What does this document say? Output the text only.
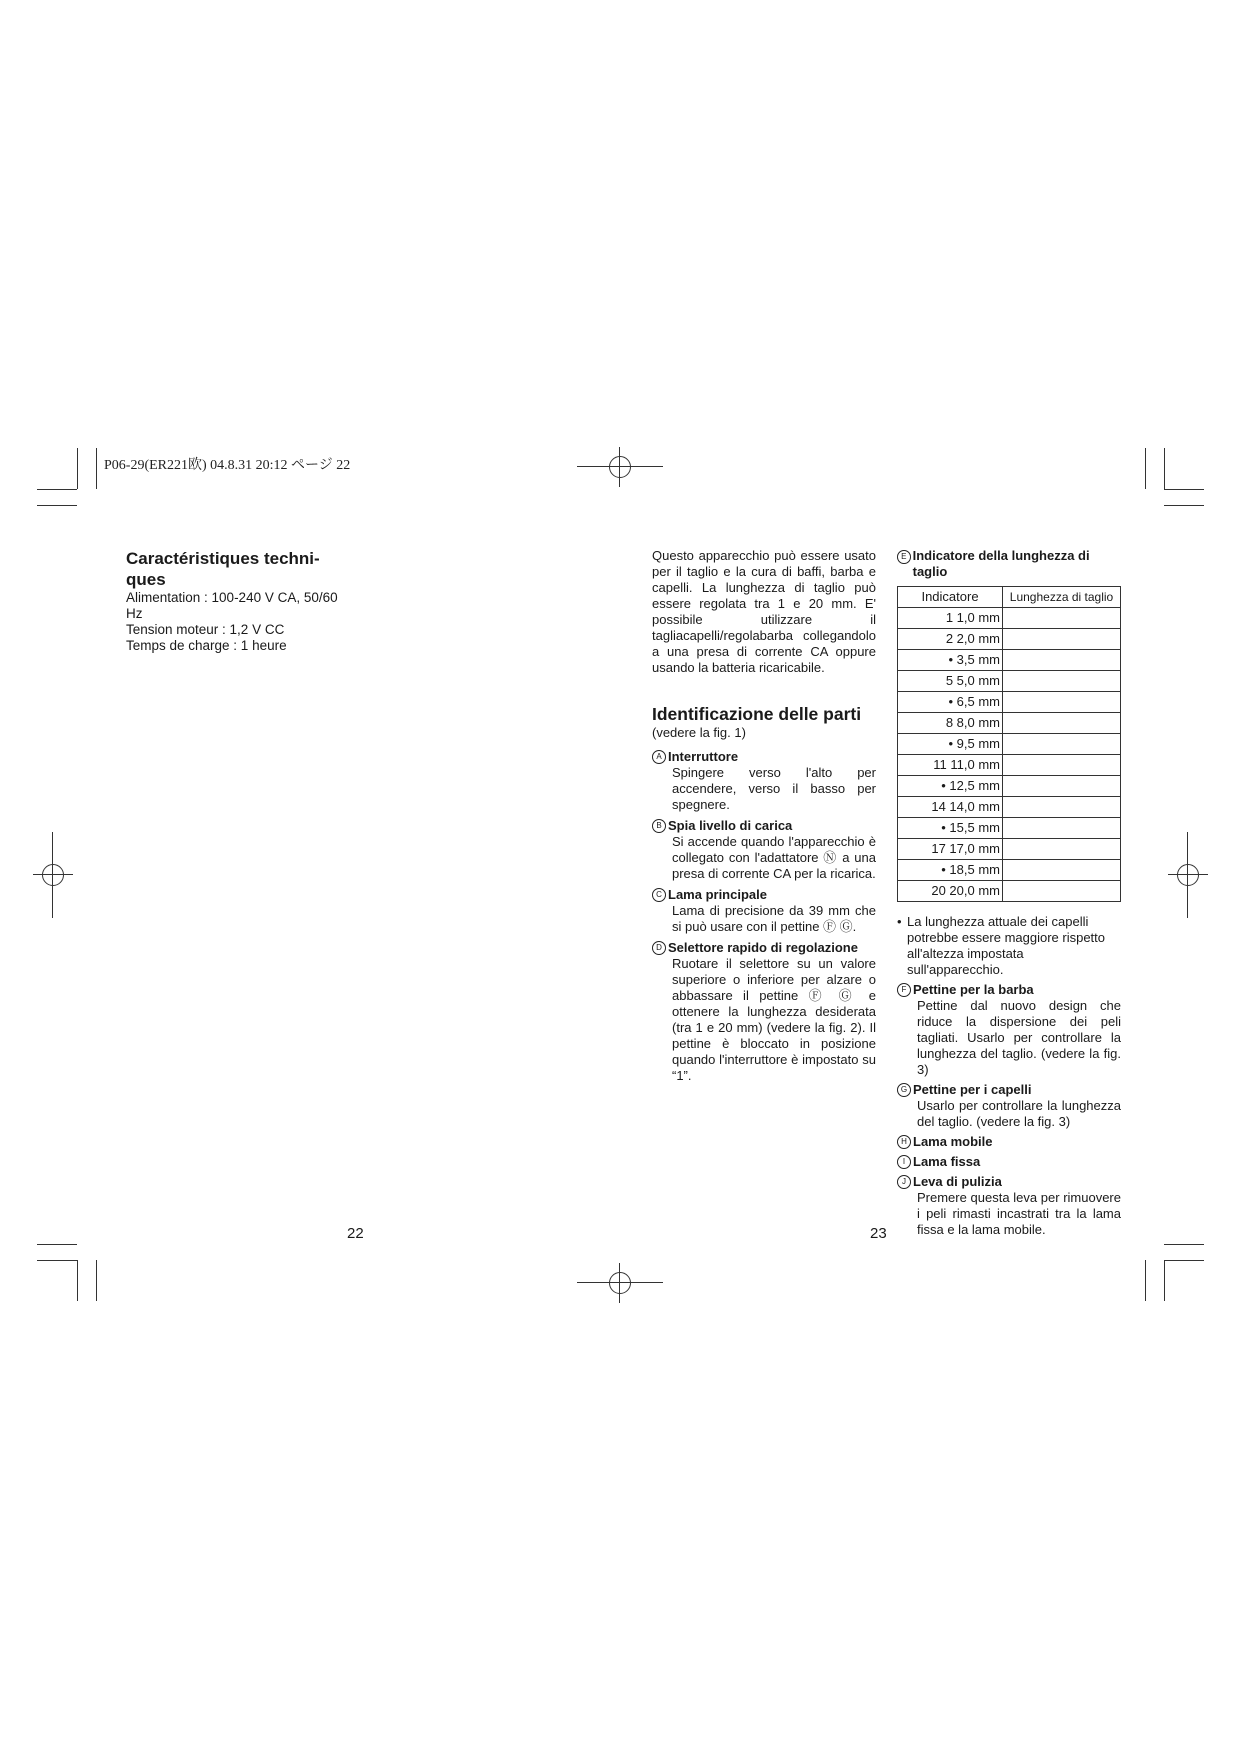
P06-29(ER221欧) 04.8.31 20:12 ページ 22
Caractéristiques techni-
ques
Alimentation : 100-240 V CA, 50/60
Hz
Tension moteur : 1,2 V CC
Temps de charge : 1 heure
22
Questo apparecchio può essere usato per il taglio e la cura di baffi, barba e capelli. La lunghezza di taglio può essere regolata tra 1 e 20 mm. E' possibile utilizzare il tagliacapelli/regolabarba collegandolo a una presa di corrente CA oppure usando la batteria ricaricabile.
Identificazione delle parti
(vedere la fig. 1)
A Interruttore
Spingere verso l'alto per accendere, verso il basso per spegnere.
B Spia livello di carica
Si accende quando l'apparecchio è collegato con l'adattatore Ⓝ a una presa di corrente CA per la ricarica.
C Lama principale
Lama di precisione da 39 mm che si può usare con il pettine Ⓕ Ⓖ.
D Selettore rapido di regolazione
Ruotare il selettore su un valore superiore o inferiore per alzare o abbassare il pettine Ⓕ Ⓖ e ottenere la lunghezza desiderata (tra 1 e 20 mm) (vedere la fig. 2). Il pettine è bloccato in posizione quando l'interruttore è impostato su “1”.
E Indicatore della lunghezza di taglio
Indicatore	Lunghezza di taglio
1 1,0 mm	
2 2,0 mm	
• 3,5 mm	
5 5,0 mm	
• 6,5 mm	
8 8,0 mm	
• 9,5 mm	
11 11,0 mm	
• 12,5 mm	
14 14,0 mm	
• 15,5 mm	
17 17,0 mm	
• 18,5 mm	
20 20,0 mm	
• La lunghezza attuale dei capelli potrebbe essere maggiore rispetto all'altezza impostata sull'apparecchio.
F Pettine per la barba
Pettine dal nuovo design che riduce la dispersione dei peli tagliati. Usarlo per controllare la lunghezza del taglio. (vedere la fig. 3)
G Pettine per i capelli
Usarlo per controllare la lunghezza del taglio. (vedere la fig. 3)
H Lama mobile
I Lama fissa
J Leva di pulizia
Premere questa leva per rimuovere i peli rimasti incastrati tra la lama fissa e la lama mobile.
23
